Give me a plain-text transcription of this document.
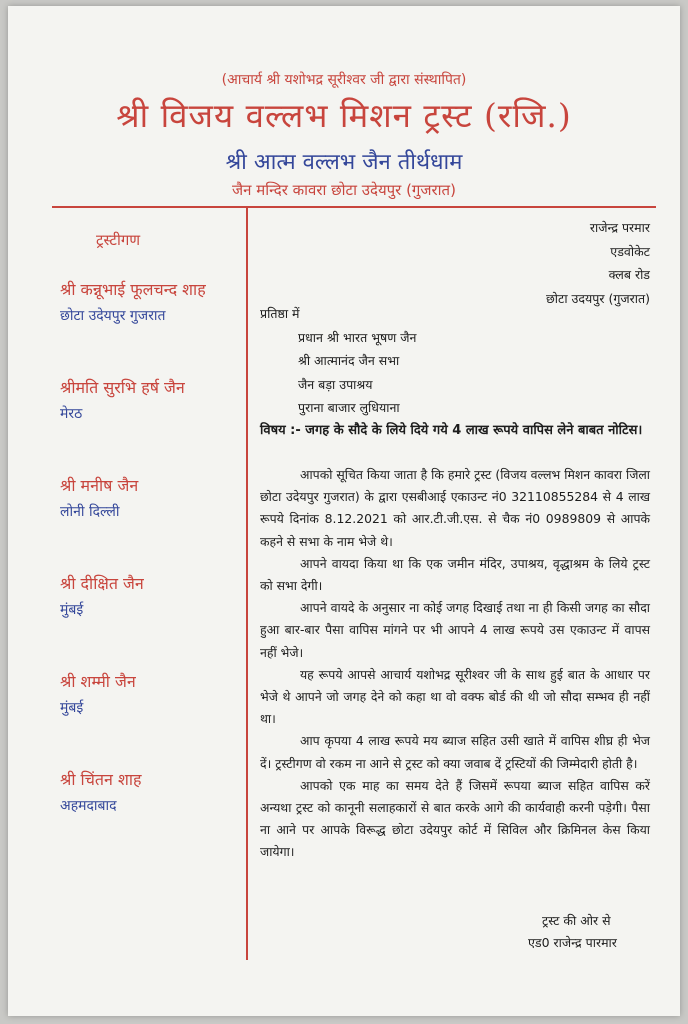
(आचार्य श्री यशोभद्र सूरीश्वर जी द्वारा संस्थापित)
श्री विजय वल्लभ मिशन ट्रस्ट (रजि.)
श्री आत्म वल्लभ जैन तीर्थधाम
जैन मन्दिर कावरा छोटा उदेयपुर (गुजरात)
ट्रस्टीगण
श्री कन्नूभाई फूलचन्द शाह
छोटा उदेयपुर गुजरात
श्रीमति सुरभि हर्ष जैन
मेरठ
श्री मनीष जैन
लोनी दिल्ली
श्री दीक्षित जैन
मुंबई
श्री शम्मी जैन
मुंबई
श्री चिंतन शाह
अहमदाबाद
राजेन्द्र परमार
एडवोकेट
क्लब रोड
छोटा उदयपुर (गुजरात)
प्रतिष्ठा में
प्रधान श्री भारत भूषण जैन
श्री आत्मानंद जैन सभा
जैन बड़ा उपाश्रय
पुराना बाजार लुधियाना
विषय :- जगह के सौदे के लिये दिये गये 4 लाख रूपये वापिस लेने बाबत नोटिस।

आपको सूचित किया जाता है कि हमारे ट्रस्ट (विजय वल्लभ मिशन कावरा जिला छोटा उदेयपुर गुजरात) के द्वारा एसबीआई एकाउन्ट नं0 32110855284 से 4 लाख रूपये दिनांक 8.12.2021 को आर.टी.जी.एस. से चैक नं0 0989809 से आपके कहने से सभा के नाम भेजे थे।

आपने वायदा किया था कि एक जमीन मंदिर, उपाश्रय, वृद्धाश्रम के लिये ट्रस्ट को सभा देगी।

आपने वायदे के अनुसार ना कोई जगह दिखाई तथा ना ही किसी जगह का सौदा हुआ बार-बार पैसा वापिस मांगने पर भी आपने 4 लाख रूपये उस एकाउन्ट में वापस नहीं भेजे।

यह रूपये आपसे आचार्य यशोभद्र सूरीश्वर जी के साथ हुई बात के आधार पर भेजे थे आपने जो जगह देने को कहा था वो वक्फ बोर्ड की थी जो सौदा सम्भव ही नहीं था।

आप कृपया 4 लाख रूपये मय ब्याज सहित उसी खाते में वापिस शीघ्र ही भेज दें। ट्रस्टीगण वो रकम ना आने से ट्रस्ट को क्या जवाब दें ट्रस्टियों की जिम्मेदारी होती है।

आपको एक माह का समय देते हैं जिसमें रूपया ब्याज सहित वापिस करें अन्यथा ट्रस्ट को कानूनी सलाहकारों से बात करके आगे की कार्यवाही करनी पड़ेगी। पैसा ना आने पर आपके विरूद्ध छोटा उदेयपुर कोर्ट में सिविल और क्रिमिनल केस किया जायेगा।

ट्रस्ट की ओर से
एड0 राजेन्द्र पारमार
